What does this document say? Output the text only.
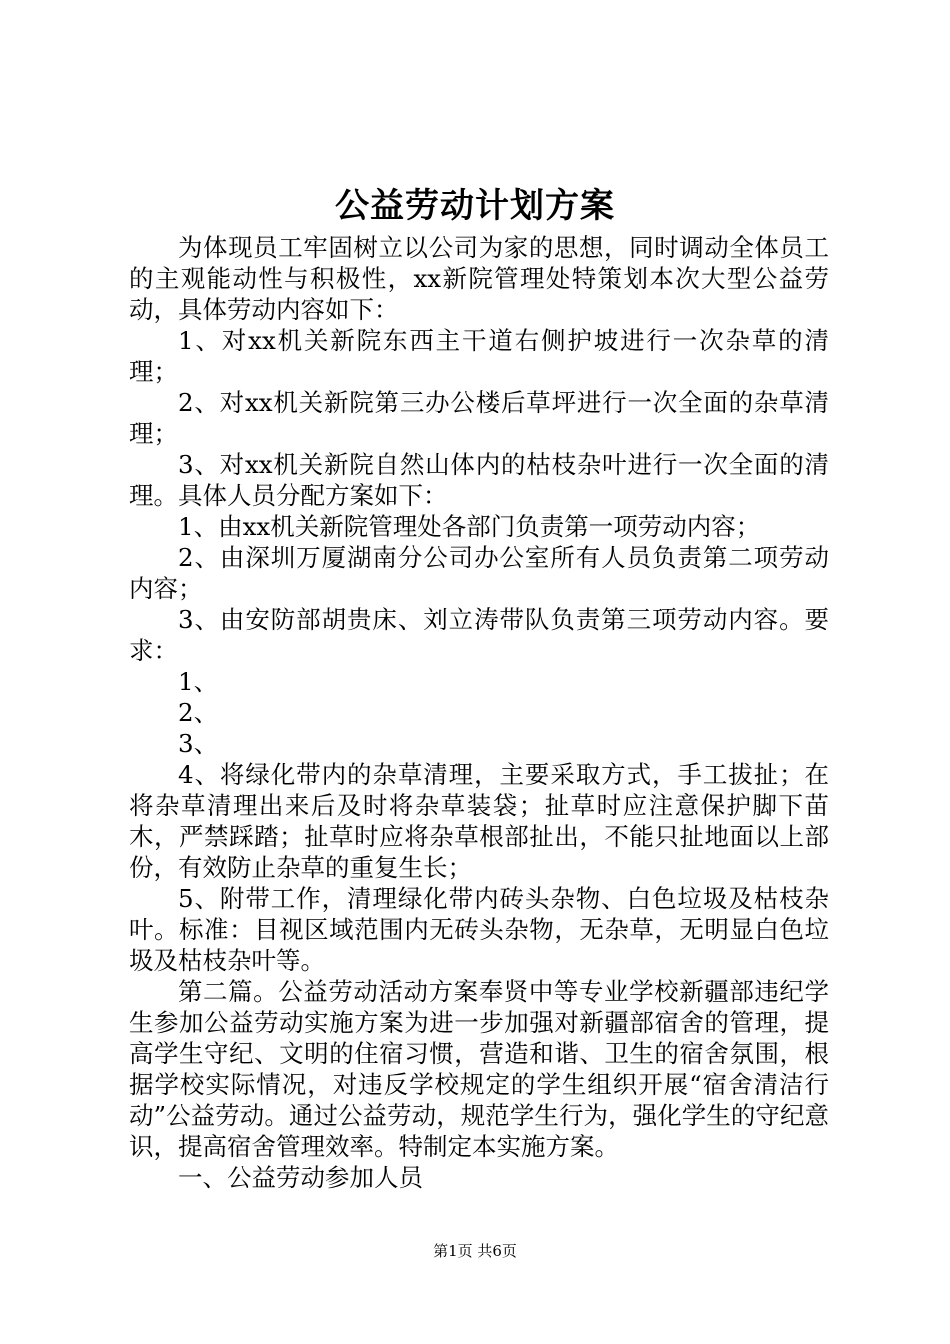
公益劳动计划方案

为体现员工牢固树立以公司为家的思想，同时调动全体员工的主观能动性与积极性，xx新院管理处特策划本次大型公益劳动，具体劳动内容如下：

1、对xx机关新院东西主干道右侧护坡进行一次杂草的清理；

2、对xx机关新院第三办公楼后草坪进行一次全面的杂草清理；

3、对xx机关新院自然山体内的枯枝杂叶进行一次全面的清理。具体人员分配方案如下：

1、由xx机关新院管理处各部门负责第一项劳动内容；

2、由深圳万厦湖南分公司办公室所有人员负责第二项劳动内容；

3、由安防部胡贵床、刘立涛带队负责第三项劳动内容。要求：

1、

2、

3、

4、将绿化带内的杂草清理，主要采取方式，手工拔扯；在将杂草清理出来后及时将杂草装袋；扯草时应注意保护脚下苗木，严禁踩踏；扯草时应将杂草根部扯出，不能只扯地面以上部份，有效防止杂草的重复生长；

5、附带工作，清理绿化带内砖头杂物、白色垃圾及枯枝杂叶。标准：目视区域范围内无砖头杂物，无杂草，无明显白色垃圾及枯枝杂叶等。

第二篇。公益劳动活动方案奉贤中等专业学校新疆部违纪学生参加公益劳动实施方案为进一步加强对新疆部宿舍的管理，提高学生守纪、文明的住宿习惯，营造和谐、卫生的宿舍氛围，根据学校实际情况，对违反学校规定的学生组织开展“宿舍清洁行动”公益劳动。通过公益劳动，规范学生行为，强化学生的守纪意识，提高宿舍管理效率。特制定本实施方案。

一、公益劳动参加人员

第1页 共6页
